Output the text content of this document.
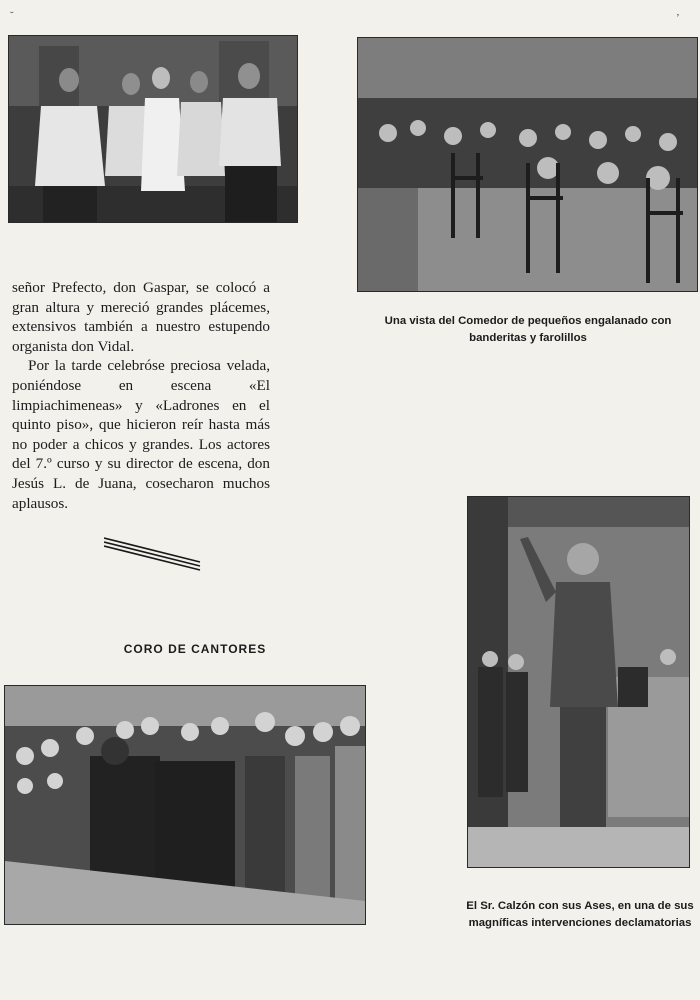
˘	ʼ
Una vista del Comedor de pequeños engalanado con banderitas y farolillos

señor Prefecto, don Gaspar, se colocó a gran altura y mereció grandes plácemes, extensivos también a nuestro estupendo organista don Vidal.

Por la tarde celebróse preciosa velada, poniéndose en escena «El limpiachimeneas» y «Ladrones en el quinto piso», que hicieron reír hasta más no poder a chicos y grandes. Los actores del 7.º curso y su director de escena, don Jesús L. de Juana, cosecharon muchos aplausos.

CORO DE CANTORES
El Sr. Calzón con sus Ases, en una de sus magníficas intervenciones declamatorias
